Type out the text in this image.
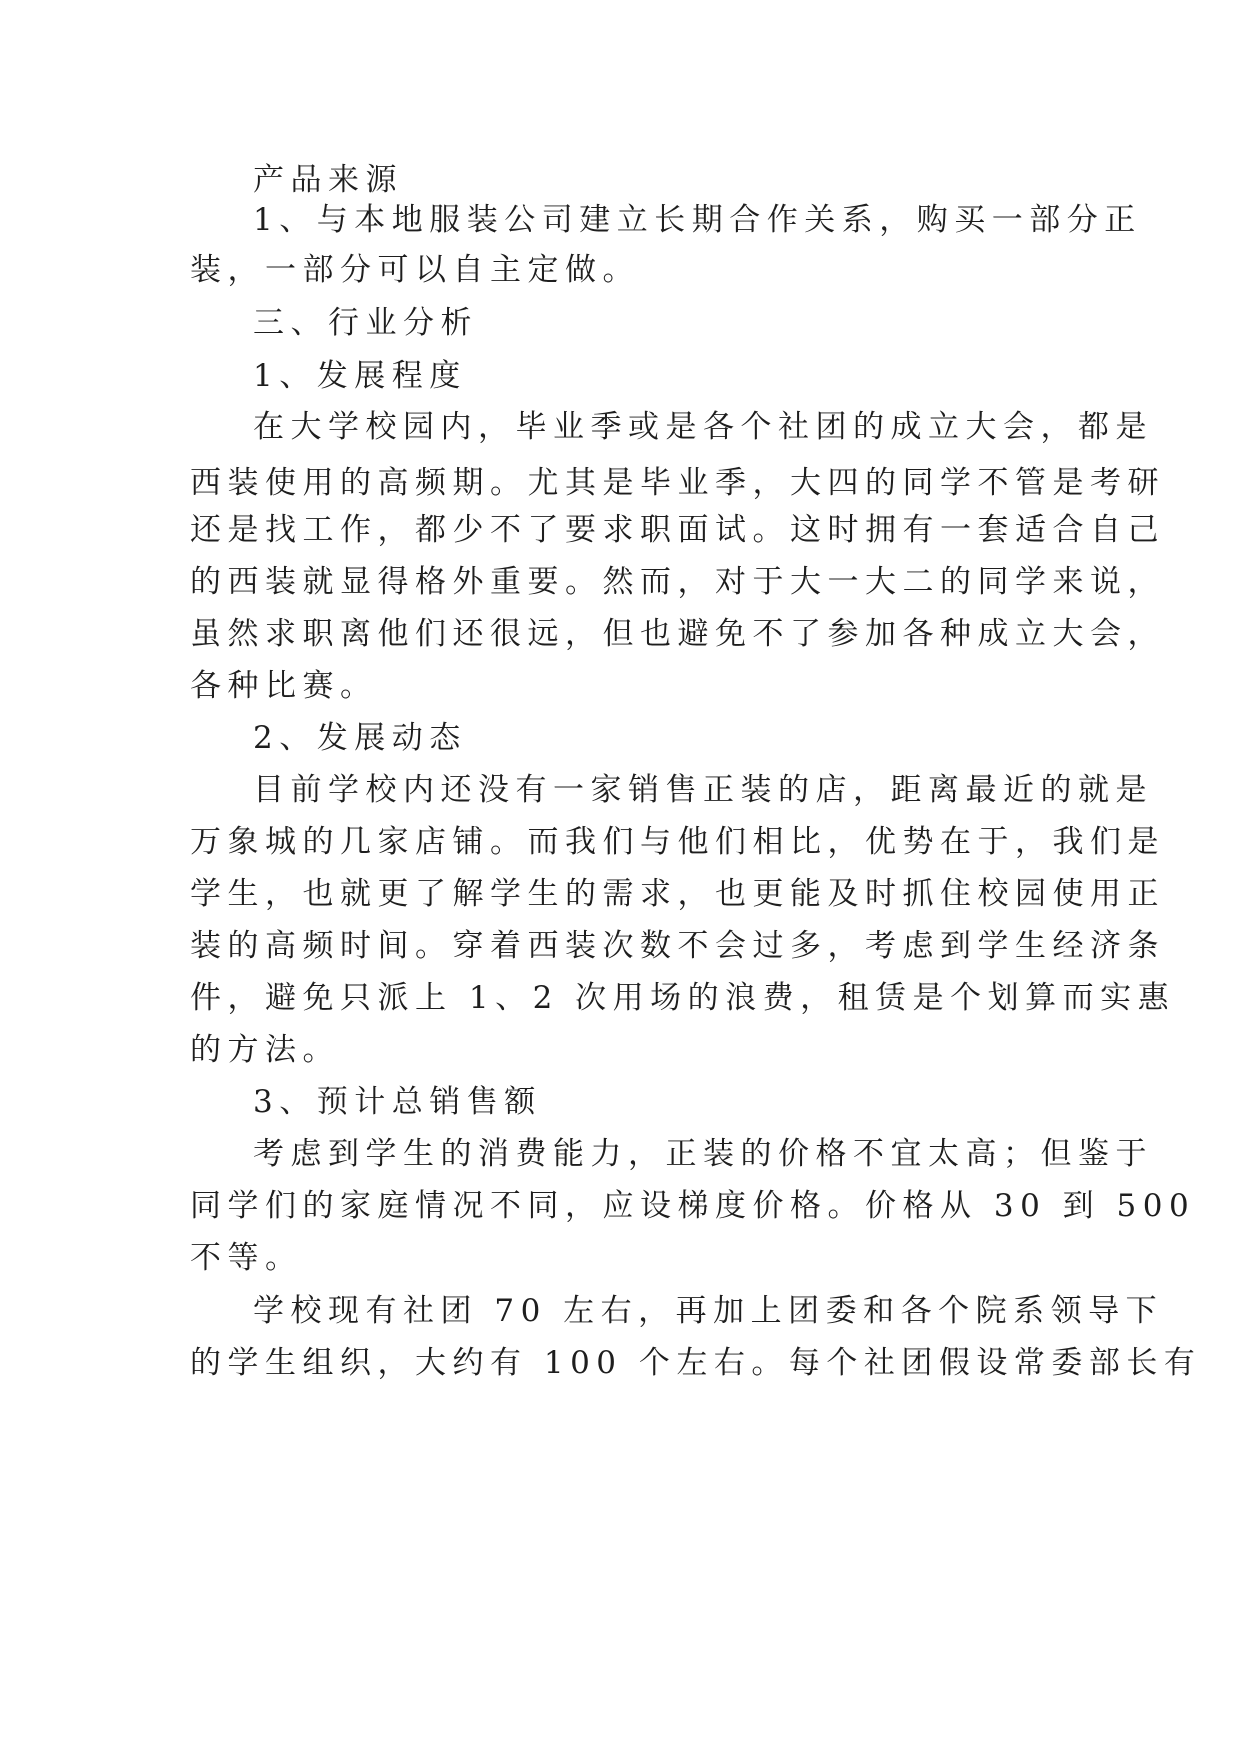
产品来源
1、与本地服装公司建立长期合作关系，购买一部分正
装，一部分可以自主定做。
三、行业分析
1、发展程度
在大学校园内，毕业季或是各个社团的成立大会，都是
西装使用的高频期。尤其是毕业季，大四的同学不管是考研
还是找工作，都少不了要求职面试。这时拥有一套适合自己
的西装就显得格外重要。然而，对于大一大二的同学来说，
虽然求职离他们还很远，但也避免不了参加各种成立大会，
各种比赛。
2、发展动态
目前学校内还没有一家销售正装的店，距离最近的就是
万象城的几家店铺。而我们与他们相比，优势在于，我们是
学生，也就更了解学生的需求，也更能及时抓住校园使用正
装的高频时间。穿着西装次数不会过多，考虑到学生经济条
件，避免只派上 1、2 次用场的浪费，租赁是个划算而实惠
的方法。
3、预计总销售额
考虑到学生的消费能力，正装的价格不宜太高；但鉴于
同学们的家庭情况不同，应设梯度价格。价格从 30 到 500
不等。
学校现有社团 70 左右，再加上团委和各个院系领导下
的学生组织，大约有 100 个左右。每个社团假设常委部长有
